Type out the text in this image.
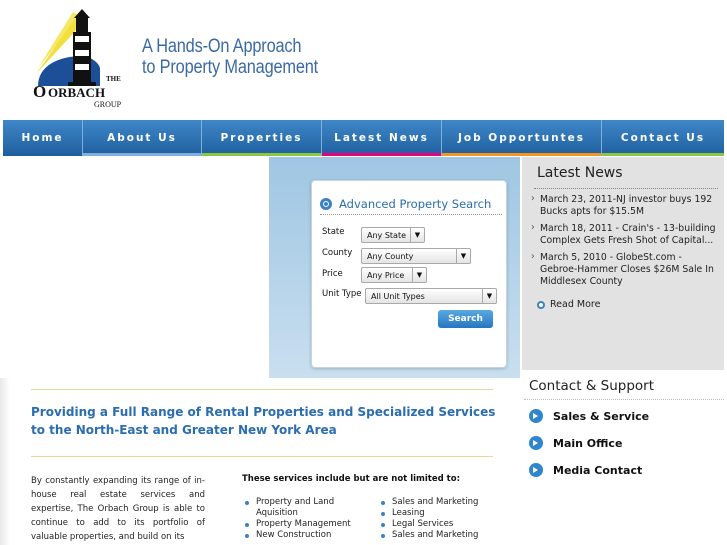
O ORBACH
THE
GROUP
A Hands-On Approach
to Property Management
Home	About Us	Properties	Latest News	Job Opportuntes	Contact Us
Advanced Property Search
State	Any State	▼
County Any County	▼
Price	Any Price	▼
Unit Type All Unit Types	▼
Search
Latest News
› March 23, 2011-NJ investor buys 192 Bucks apts for $15.5M
› March 18, 2011 - Crain's - 13-building Complex Gets Fresh Shot of Capital...
› March 5, 2010 - GlobeSt.com - Gebroe-Hammer Closes $26M Sale In Middlesex County
Read More
Contact & Support
Sales & Service
Main Office
Media Contact
Providing a Full Range of Rental Properties and Specialized Services to the North-East and Greater New York Area
By constantly expanding its range of in-house real estate services and expertise, The Orbach Group is able to continue to add to its portfolio of valuable properties, and build on its
These services include but are not limited to:
Property and Land
Aquisition
Property Management
New Construction
Sales and Marketing
Leasing
Legal Services
Sales and Marketing
